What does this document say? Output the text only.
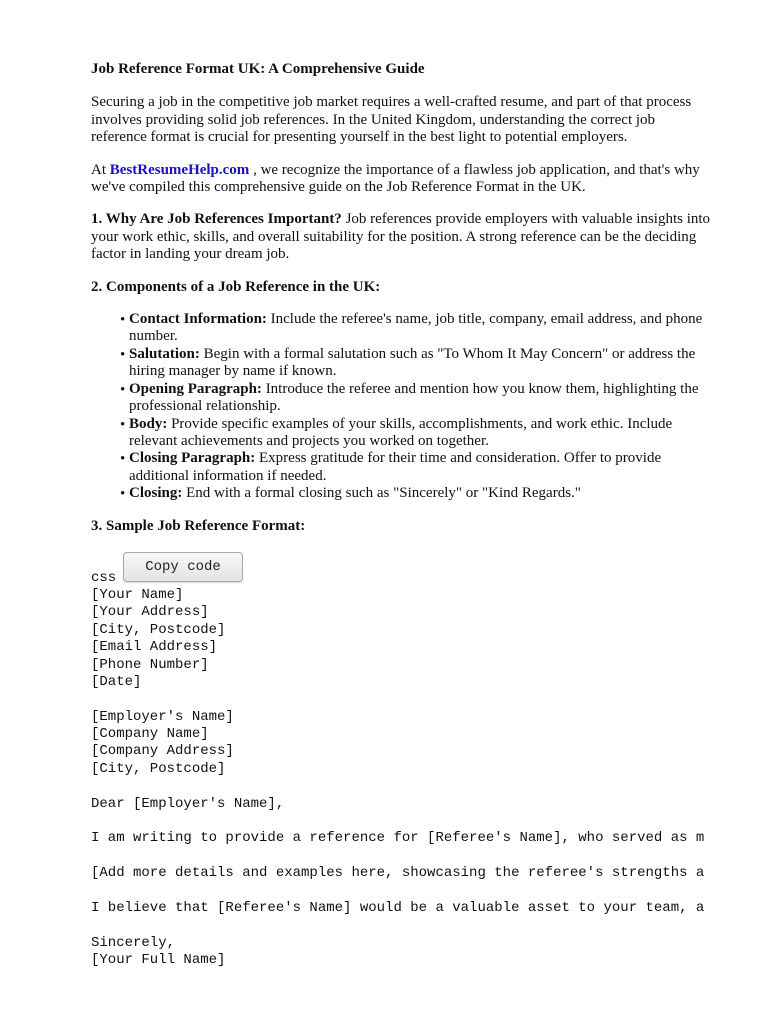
Job Reference Format UK: A Comprehensive Guide

Securing a job in the competitive job market requires a well-crafted resume, and part of that process involves providing solid job references. In the United Kingdom, understanding the correct job reference format is crucial for presenting yourself in the best light to potential employers.

At BestResumeHelp.com , we recognize the importance of a flawless job application, and that's why we've compiled this comprehensive guide on the Job Reference Format in the UK.

1. Why Are Job References Important? Job references provide employers with valuable insights into your work ethic, skills, and overall suitability for the position. A strong reference can be the deciding factor in landing your dream job.

2. Components of a Job Reference in the UK:
• Contact Information: Include the referee's name, job title, company, email address, and phone number.
• Salutation: Begin with a formal salutation such as "To Whom It May Concern" or address the hiring manager by name if known.
• Opening Paragraph: Introduce the referee and mention how you know them, highlighting the professional relationship.
• Body: Provide specific examples of your skills, accomplishments, and work ethic. Include relevant achievements and projects you worked on together.
• Closing Paragraph: Express gratitude for their time and consideration. Offer to provide additional information if needed.
• Closing: End with a formal closing such as "Sincerely" or "Kind Regards."
3. Sample Job Reference Format:
css
Copy code
[Your Name]
[Your Address]
[City, Postcode]
[Email Address]
[Phone Number]
[Date]
[Employer's Name]
[Company Name]
[Company Address]
[City, Postcode]
Dear [Employer's Name],
I am writing to provide a reference for [Referee's Name], who served as m
[Add more details and examples here, showcasing the referee's strengths a
I believe that [Referee's Name] would be a valuable asset to your team, a
Sincerely,
[Your Full Name]
